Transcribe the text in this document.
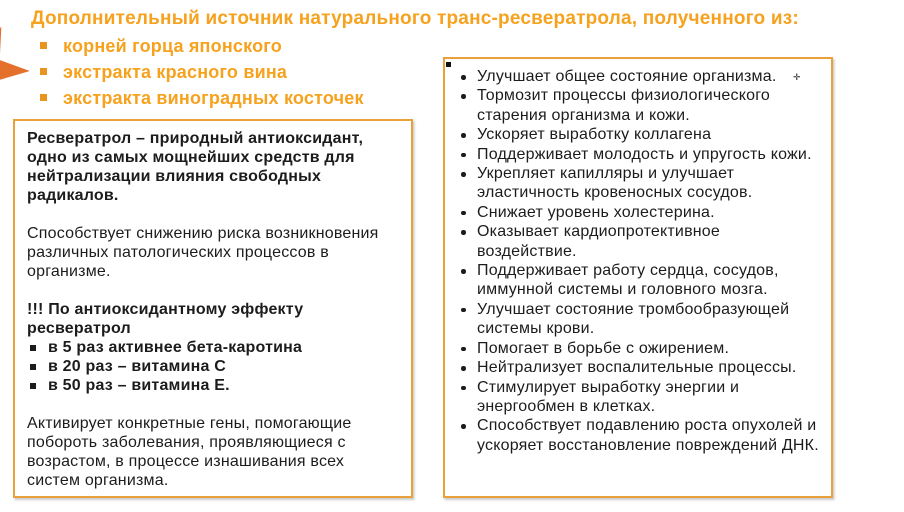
Дополнительный источник натурального транс-ресвератрола, полученного из:
корней горца японского
экстракта красного вина
экстракта виноградных косточек

Ресвератрол – природный антиоксидант, одно из самых мощнейших средств для нейтрализации влияния свободных радикалов.

Способствует снижению риска возникновения различных патологических процессов в организме.

!!! По антиоксидантному эффекту ресвератрол

в 5 раз активнее бета-каротина
в 20 раз – витамина C
в 50 раз – витамина E.

Активирует конкретные гены, помогающие побороть заболевания, проявляющиеся с возрастом, в процессе изнашивания всех систем организма.

Улучшает общее состояние организма.
Тормозит процессы физиологического старения организма и кожи.
Ускоряет выработку коллагена
Поддерживает молодость и упругость кожи.
Укрепляет капилляры и улучшает эластичность кровеносных сосудов.
Снижает уровень холестерина.
Оказывает кардиопротективное воздействие.
Поддерживает работу сердца, сосудов, иммунной системы и головного мозга.
Улучшает состояние тромбообразующей системы крови.
Помогает в борьбе с ожирением.
Нейтрализует воспалительные процессы.
Стимулирует выработку энергии и энергообмен в клетках.
Способствует подавлению роста опухолей и ускоряет восстановление повреждений ДНК.
✛
